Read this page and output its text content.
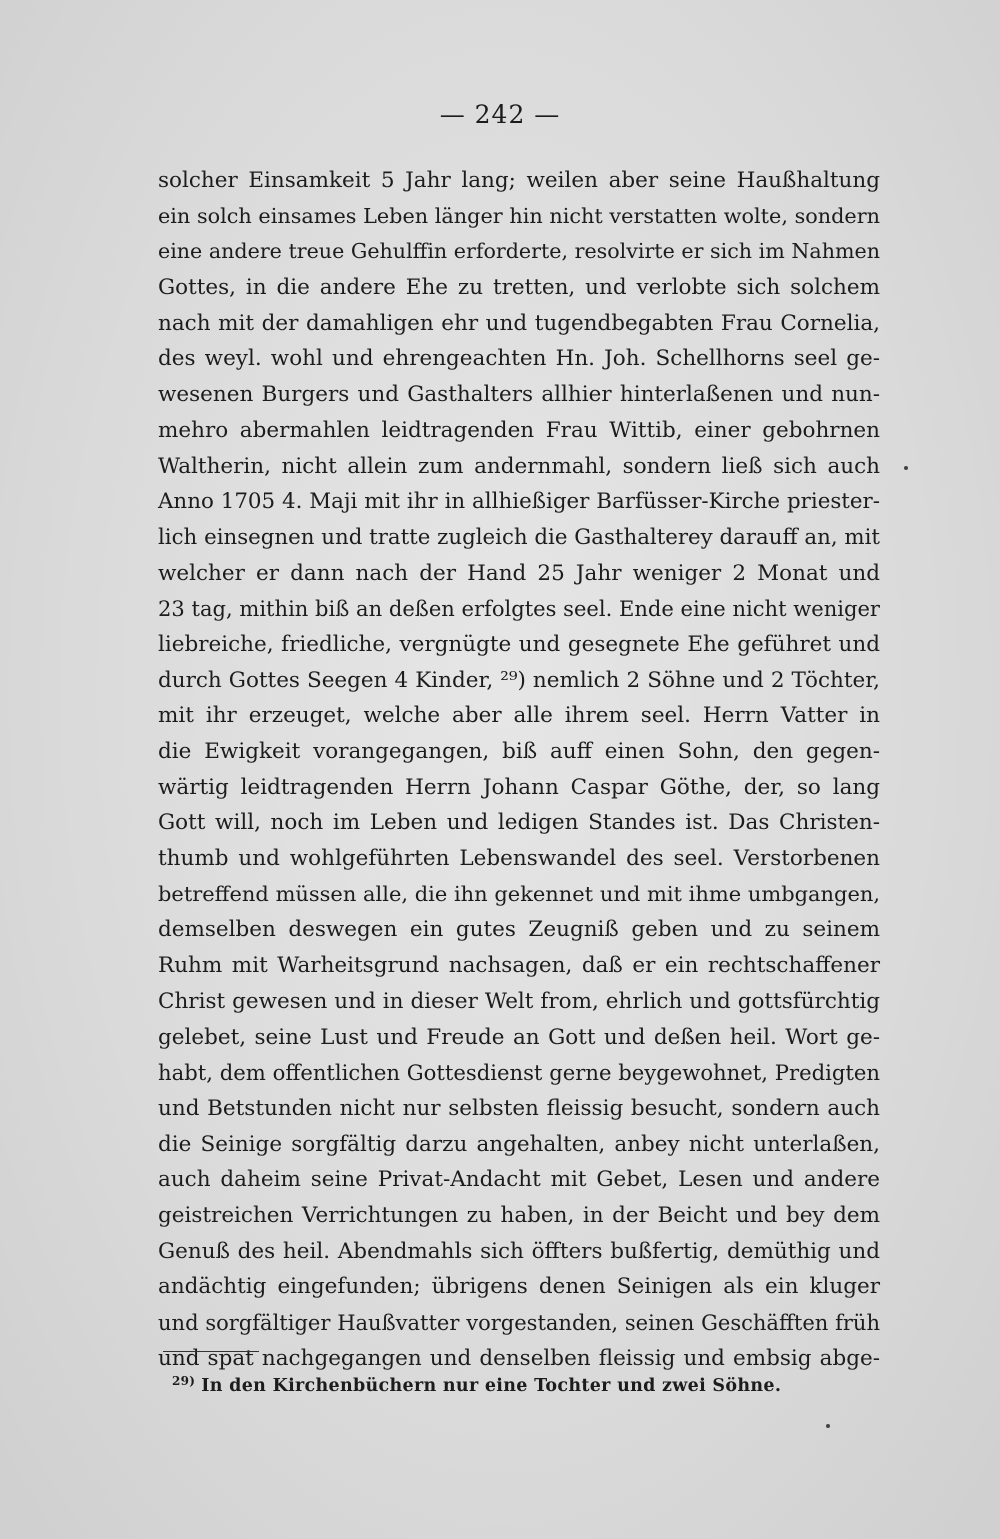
— 242 —
solcher Einsamkeit 5 Jahr lang; weilen aber seine Haußhaltung
ein solch einsames Leben länger hin nicht verstatten wolte, sondern
eine andere treue Gehulffin erforderte, resolvirte er sich im Nahmen
Gottes, in die andere Ehe zu tretten, und verlobte sich solchem
nach mit der damahligen ehr und tugendbegabten Frau Cornelia,
des weyl. wohl und ehrengeachten Hn. Joh. Schellhorns seel ge-
wesenen Burgers und Gasthalters allhier hinterlaßenen und nun-
mehro abermahlen leidtragenden Frau Wittib, einer gebohrnen
Waltherin, nicht allein zum andernmahl, sondern ließ sich auch
Anno 1705 4. Maji mit ihr in allhießiger Barfüsser-Kirche priester-
lich einsegnen und tratte zugleich die Gasthalterey darauff an, mit
welcher er dann nach der Hand 25 Jahr weniger 2 Monat und
23 tag, mithin biß an deßen erfolgtes seel. Ende eine nicht weniger
liebreiche, friedliche, vergnügte und gesegnete Ehe geführet und
durch Gottes Seegen 4 Kinder, ²⁹) nemlich 2 Söhne und 2 Töchter,
mit ihr erzeuget, welche aber alle ihrem seel. Herrn Vatter in
die Ewigkeit vorangegangen, biß auff einen Sohn, den gegen-
wärtig leidtragenden Herrn Johann Caspar Göthe, der, so lang
Gott will, noch im Leben und ledigen Standes ist. Das Christen-
thumb und wohlgeführten Lebenswandel des seel. Verstorbenen
betreffend müssen alle, die ihn gekennet und mit ihme umbgangen,
demselben deswegen ein gutes Zeugniß geben und zu seinem
Ruhm mit Warheitsgrund nachsagen, daß er ein rechtschaffener
Christ gewesen und in dieser Welt from, ehrlich und gottsfürchtig
gelebet, seine Lust und Freude an Gott und deßen heil. Wort ge-
habt, dem offentlichen Gottesdienst gerne beygewohnet, Predigten
und Betstunden nicht nur selbsten fleissig besucht, sondern auch
die Seinige sorgfältig darzu angehalten, anbey nicht unterlaßen,
auch daheim seine Privat-Andacht mit Gebet, Lesen und andere
geistreichen Verrichtungen zu haben, in der Beicht und bey dem
Genuß des heil. Abendmahls sich öffters bußfertig, demüthig und
andächtig eingefunden; übrigens denen Seinigen als ein kluger
und sorgfältiger Haußvatter vorgestanden, seinen Geschäfften früh
und spat nachgegangen und denselben fleissig und embsig abge-
$^{29)}$ In den Kirchenbüchern nur eine Tochter und zwei Söhne.
